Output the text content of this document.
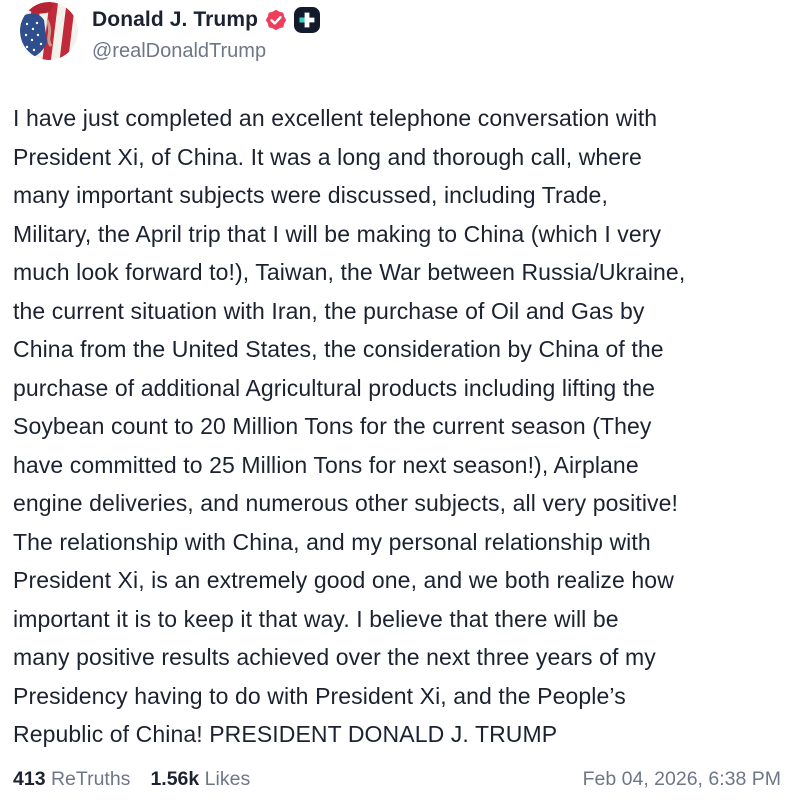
Donald J. Trump
@realDonaldTrump

I have just completed an excellent telephone conversation with

President Xi, of China. It was a long and thorough call, where

many important subjects were discussed, including Trade,

Military, the April trip that I will be making to China (which I very

much look forward to!), Taiwan, the War between Russia/Ukraine,

the current situation with Iran, the purchase of Oil and Gas by

China from the United States, the consideration by China of the

purchase of additional Agricultural products including lifting the

Soybean count to 20 Million Tons for the current season (They

have committed to 25 Million Tons for next season!), Airplane

engine deliveries, and numerous other subjects, all very positive!

The relationship with China, and my personal relationship with

President Xi, is an extremely good one, and we both realize how

important it is to keep it that way. I believe that there will be

many positive results achieved over the next three years of my

Presidency having to do with President Xi, and the People’s

Republic of China! PRESIDENT DONALD J. TRUMP

413 ReTruths 1.56k Likes	Feb 04, 2026, 6:38 PM
